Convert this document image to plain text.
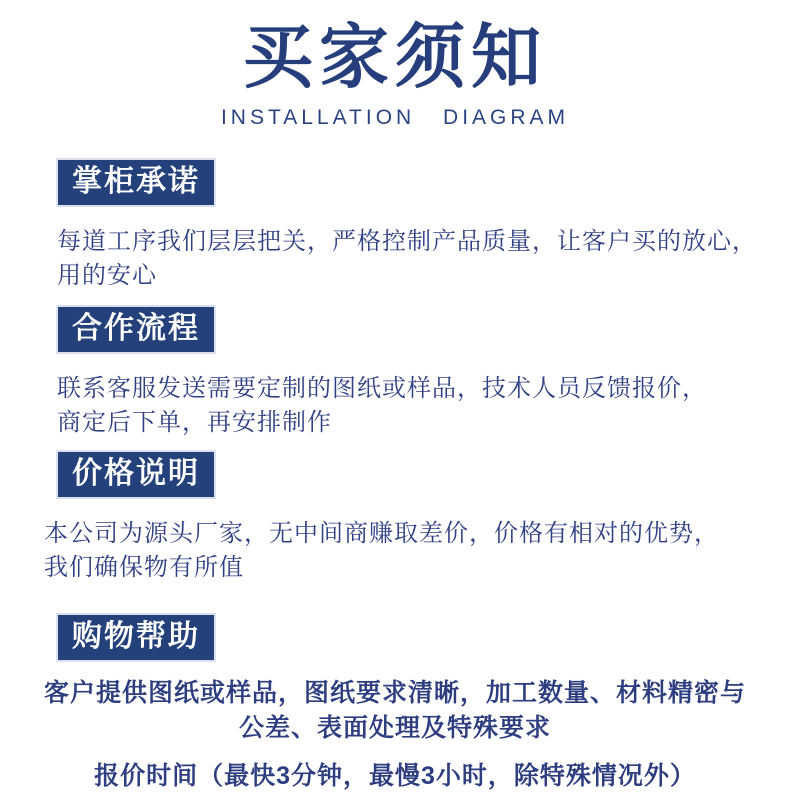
买家须知
INSTALLATION DIAGRAM
掌柜承诺
每道工序我们层层把关，严格控制产品质量，让客户买的放心，
用的安心
合作流程
联系客服发送需要定制的图纸或样品，技术人员反馈报价，
商定后下单，再安排制作
价格说明
本公司为源头厂家，无中间商赚取差价，价格有相对的优势，
我们确保物有所值
购物帮助
客户提供图纸或样品，图纸要求清晰，加工数量、材料精密与
公差、表面处理及特殊要求
报价时间（最快3分钟，最慢3小时，除特殊情况外）
